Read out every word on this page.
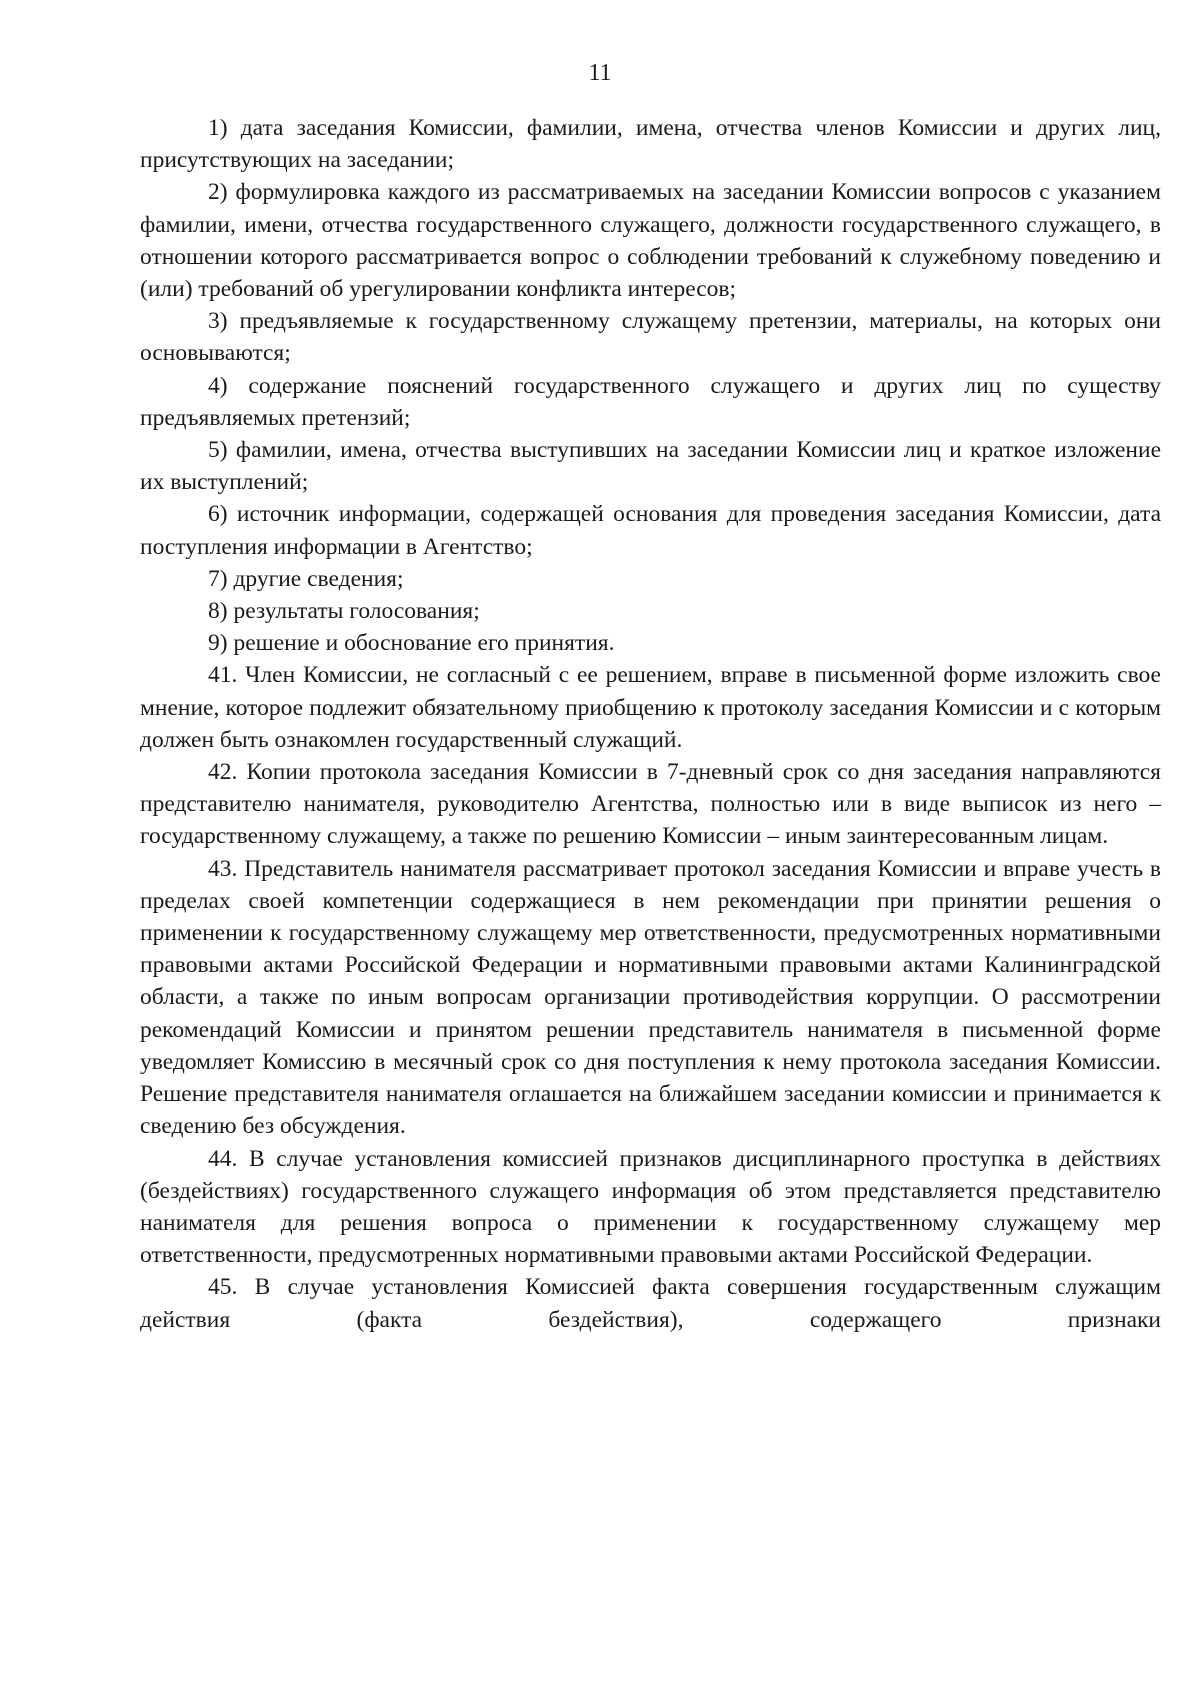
11

1) дата заседания Комиссии, фамилии, имена, отчества членов Комиссии и других лиц, присутствующих на заседании;

2) формулировка каждого из рассматриваемых на заседании Комиссии вопросов с указанием фамилии, имени, отчества государственного служащего, должности государственного служащего, в отношении которого рассматривается вопрос о соблюдении требований к служебному поведению и (или) требований об урегулировании конфликта интересов;

3) предъявляемые к государственному служащему претензии, материалы, на которых они основываются;

4) содержание пояснений государственного служащего и других лиц по существу предъявляемых претензий;

5) фамилии, имена, отчества выступивших на заседании Комиссии лиц и краткое изложение их выступлений;

6) источник информации, содержащей основания для проведения заседания Комиссии, дата поступления информации в Агентство;

7) другие сведения;

8) результаты голосования;

9) решение и обоснование его принятия.

41. Член Комиссии, не согласный с ее решением, вправе в письменной форме изложить свое мнение, которое подлежит обязательному приобщению к протоколу заседания Комиссии и с которым должен быть ознакомлен государственный служащий.

42. Копии протокола заседания Комиссии в 7-дневный срок со дня заседания направляются представителю нанимателя, руководителю Агентства, полностью или в виде выписок из него – государственному служащему, а также по решению Комиссии – иным заинтересованным лицам.

43. Представитель нанимателя рассматривает протокол заседания Комиссии и вправе учесть в пределах своей компетенции содержащиеся в нем рекомендации при принятии решения о применении к государственному служащему мер ответственности, предусмотренных нормативными правовыми актами Российской Федерации и нормативными правовыми актами Калининградской области, а также по иным вопросам организации противодействия коррупции. О рассмотрении рекомендаций Комиссии и принятом решении представитель нанимателя в письменной форме уведомляет Комиссию в месячный срок со дня поступления к нему протокола заседания Комиссии. Решение представителя нанимателя оглашается на ближайшем заседании комиссии и принимается к сведению без обсуждения.

44. В случае установления комиссией признаков дисциплинарного проступка в действиях (бездействиях) государственного служащего информация об этом представляется представителю нанимателя для решения вопроса о применении к государственному служащему мер ответственности, предусмотренных нормативными правовыми актами Российской Федерации.

45. В случае установления Комиссией факта совершения государственным служащим действия (факта бездействия), содержащего признаки
